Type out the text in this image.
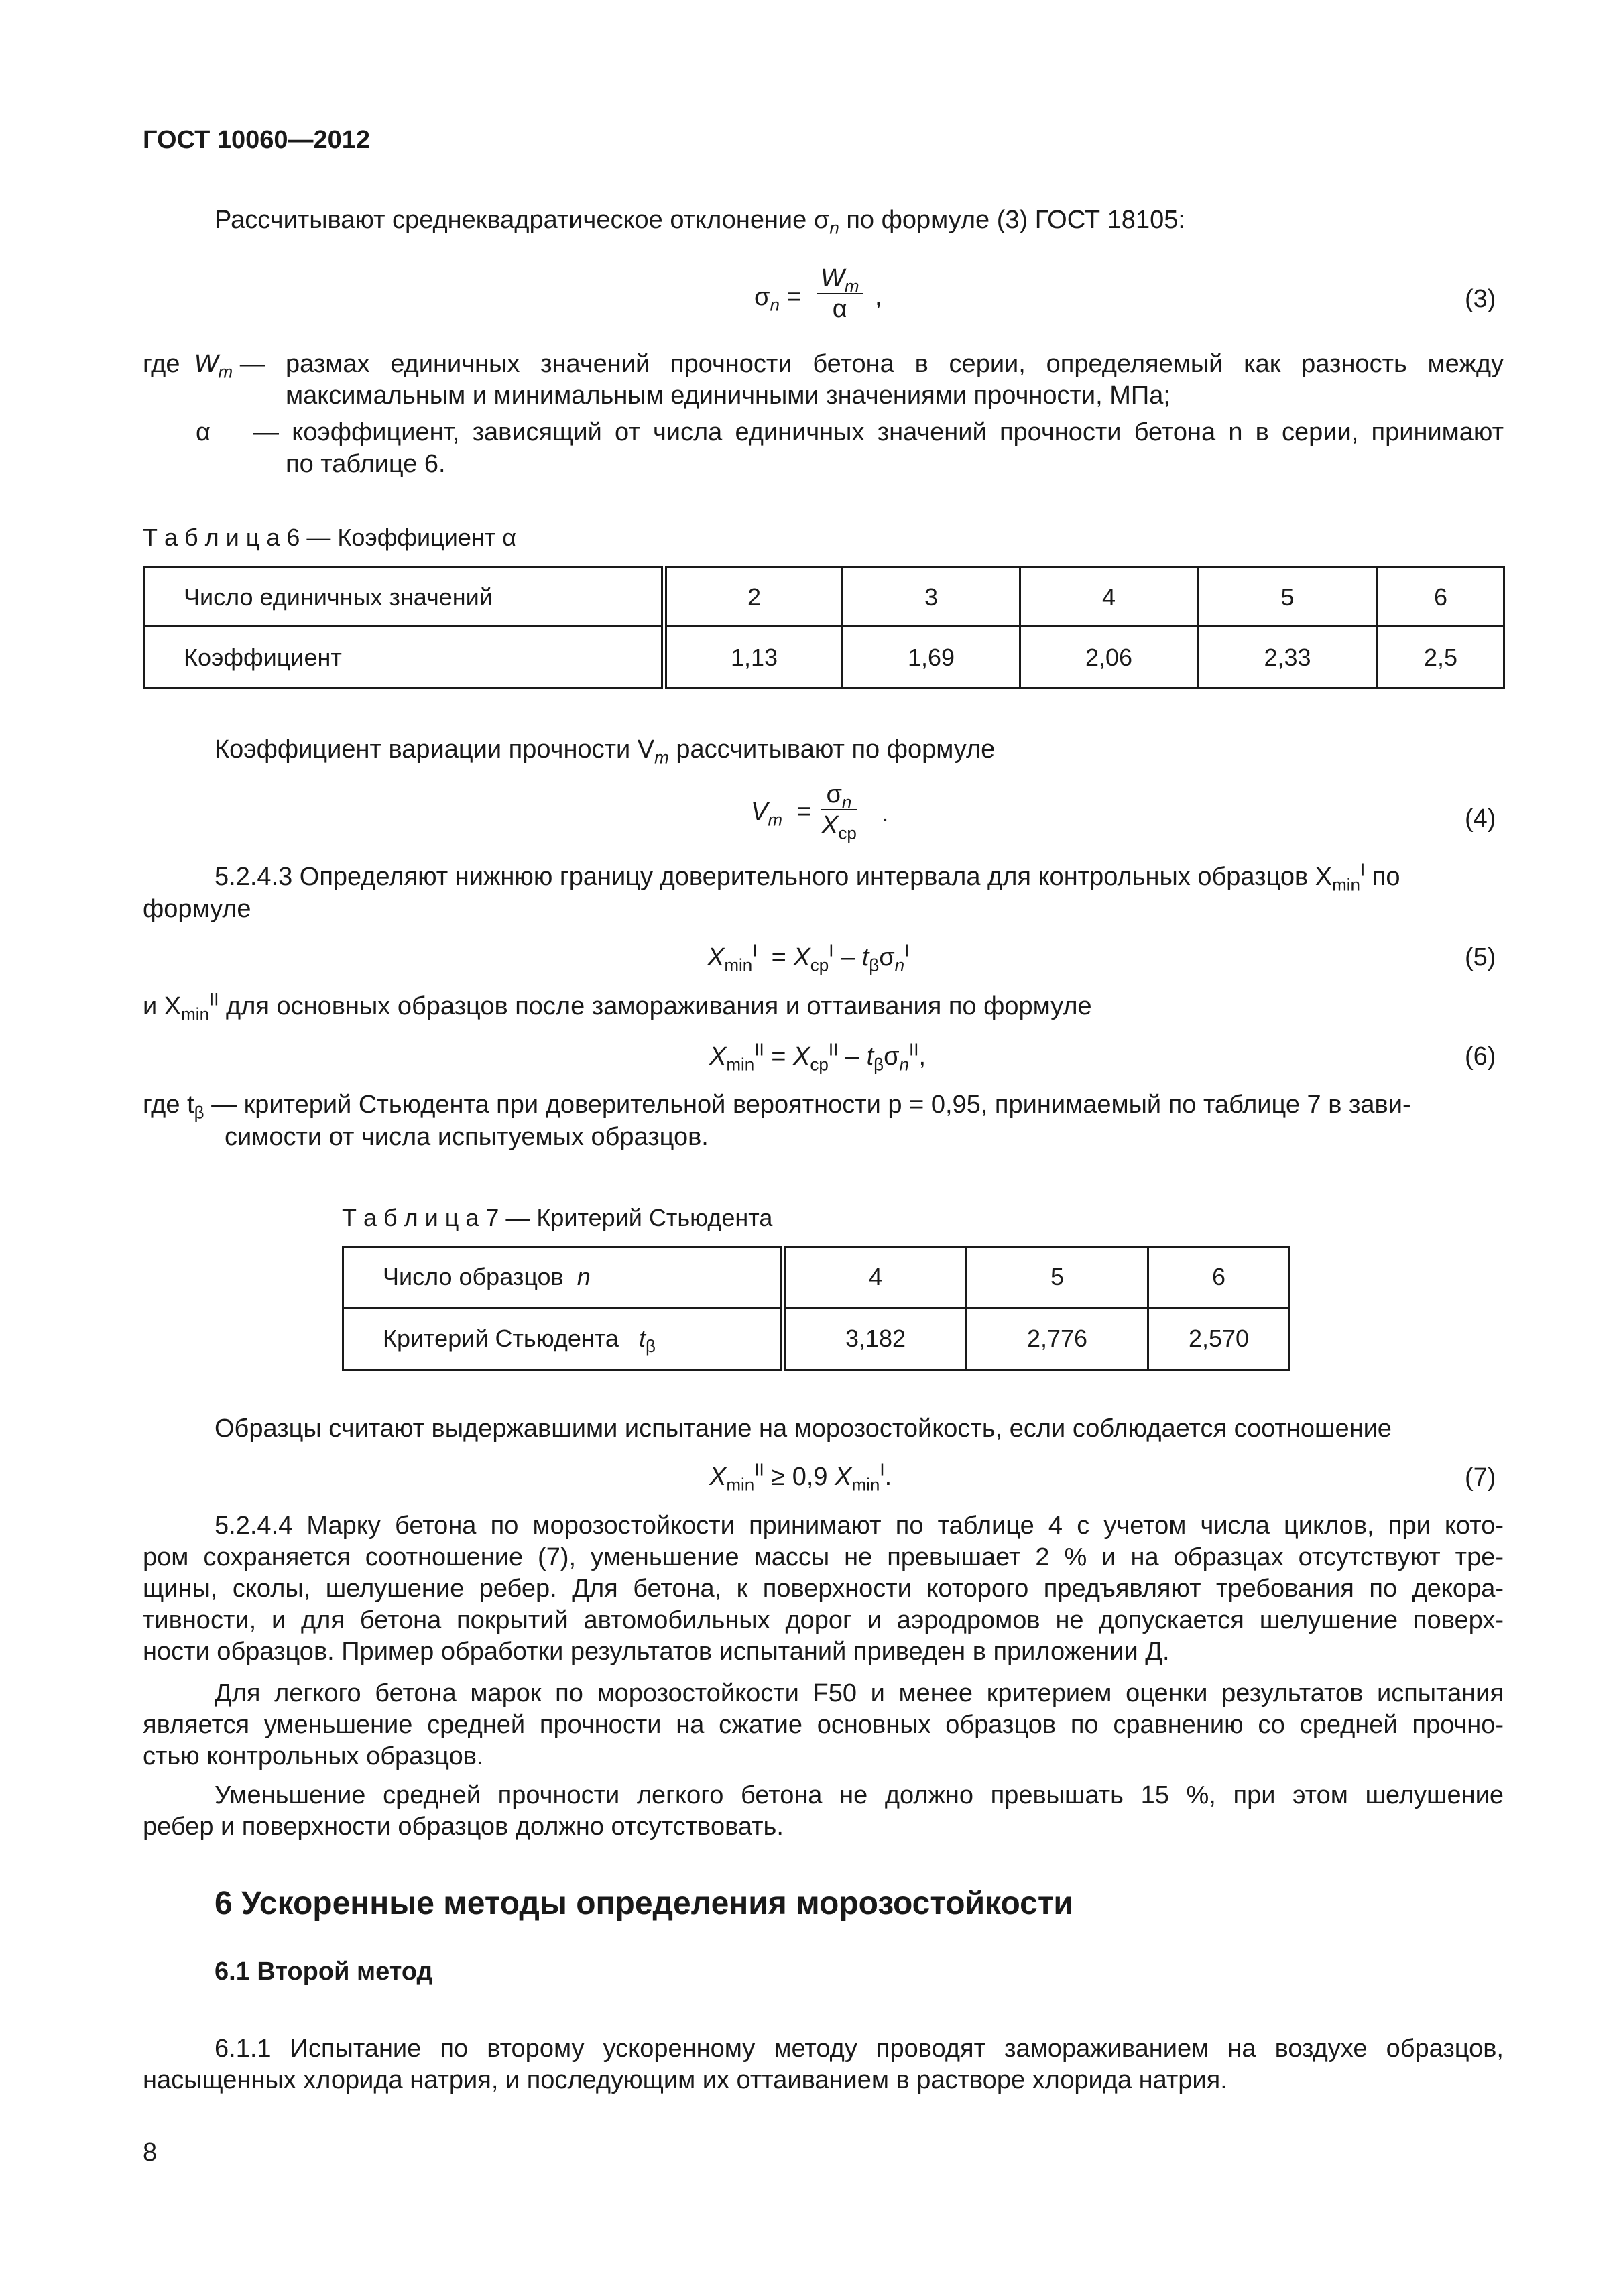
ГОСТ 10060—2012
Рассчитывают среднеквадратическое отклонение $\sigma_n$ по формуле (3) ГОСТ 18105:
$\sigma_n = \frac{W_m}{\alpha}$ ,	(3)
где $W_m$ — размах единичных значений прочности бетона в серии, определяемый как разность между
максимальным и минимальным единичными значениями прочности, МПа;
α — коэффициент, зависящий от числа единичных значений прочности бетона n в серии, принимают
по таблице 6.
Т а б л и ц а 6 — Коэффициент α
Число единичных значений	2	3	4	5	6
Коэффициент	1,13	1,69	2,06	2,33	2,5
Коэффициент вариации прочности $V_m$ рассчитывают по формуле
$V_m$ =
$\sigma_n$
$X_{ср}$
.	(4)
5.2.4.3 Определяют нижнюю границу доверительного интервала для контрольных образцов $X_{min}^I$ по
формуле
$X_{min}^I = X_{ср}^I - t_\beta\sigma_n^I$	(5)
и $X_{min}^{II}$ для основных образцов после замораживания и оттаивания по формуле
$X_{min}^{II} = X_{ср}^{II} - t_\beta\sigma_n^{II}$,	(6)
где $t_\beta$ — критерий Стьюдента при доверительной вероятности p = 0,95, принимаемый по таблице 7 в зави-
симости от числа испытуемых образцов.
Т а б л и ц а 7 — Критерий Стьюдента
Число образцов n	4	5	6
Критерий Стьюдента $t_\beta$	3,182	2,776	2,570
Образцы считают выдержавшими испытание на морозостойкость, если соблюдается соотношение
$X_{min}^{II} \ge 0,9$ $X_{min}^I$.	(7)
5.2.4.4 Марку бетона по морозостойкости принимают по таблице 4 с учетом числа циклов, при кото-
ром сохраняется соотношение (7), уменьшение массы не превышает 2 % и на образцах отсутствуют тре-
щины, сколы, шелушение ребер. Для бетона, к поверхности которого предъявляют требования по декора-
тивности, и для бетона покрытий автомобильных дорог и аэродромов не допускается шелушение поверх-
ности образцов. Пример обработки результатов испытаний приведен в приложении Д.
Для легкого бетона марок по морозостойкости F50 и менее критерием оценки результатов испытания
является уменьшение средней прочности на сжатие основных образцов по сравнению со средней прочно-
стью контрольных образцов.
Уменьшение средней прочности легкого бетона не должно превышать 15 %, при этом шелушение
ребер и поверхности образцов должно отсутствовать.
6 Ускоренные методы определения морозостойкости
6.1 Второй метод
6.1.1 Испытание по второму ускоренному методу проводят замораживанием на воздухе образцов,
насыщенных хлорида натрия, и последующим их оттаиванием в растворе хлорида натрия.
8
